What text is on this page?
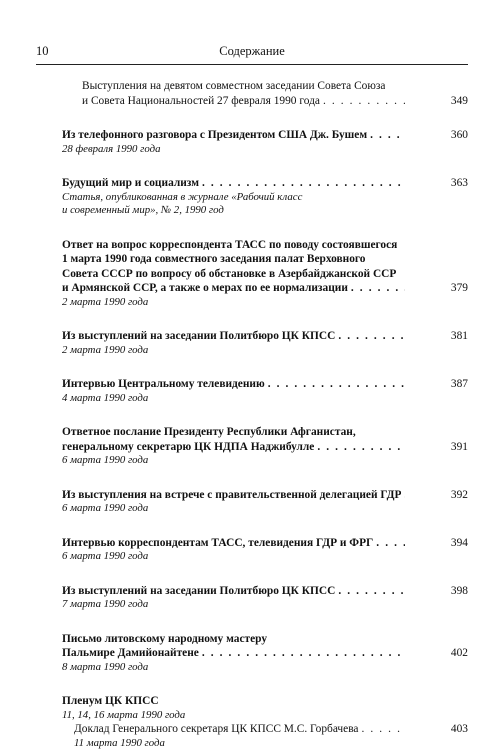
10	Содержание
Выступления на девятом совместном заседании Совета Союза
и Совета Национальностей 27 февраля 1990 года . . .	349
Из телефонного разговора с Президентом США Дж. Бушем . . .	360
28 февраля 1990 года
Будущий мир и социализм . . .	363
Статья, опубликованная в журнале «Рабочий класс
и современный мир», № 2, 1990 год
Ответ на вопрос корреспондента ТАСС по поводу состоявшегося
1 марта 1990 года совместного заседания палат Верховного
Совета СССР по вопросу об обстановке в Азербайджанской ССР
и Армянской ССР, а также о мерах по ее нормализации . . .	379
2 марта 1990 года
Из выступлений на заседании Политбюро ЦК КПСС . . .	381
2 марта 1990 года
Интервью Центральному телевидению . . .	387
4 марта 1990 года
Ответное послание Президенту Республики Афганистан,
генеральному секретарю ЦК НДПА Наджибулле . . .	391
6 марта 1990 года
Из выступления на встрече с правительственной делегацией ГДР . . .	392
6 марта 1990 года
Интервью корреспондентам ТАСС, телевидения ГДР и ФРГ . . .	394
6 марта 1990 года
Из выступлений на заседании Политбюро ЦК КПСС . . .	398
7 марта 1990 года
Письмо литовскому народному мастеру
Пальмире Дамийонайтене . . .	402
8 марта 1990 года
Пленум ЦК КПСС
11, 14, 16 марта 1990 года
Доклад Генерального секретаря ЦК КПСС М.С. Горбачева . . .	403
11 марта 1990 года
